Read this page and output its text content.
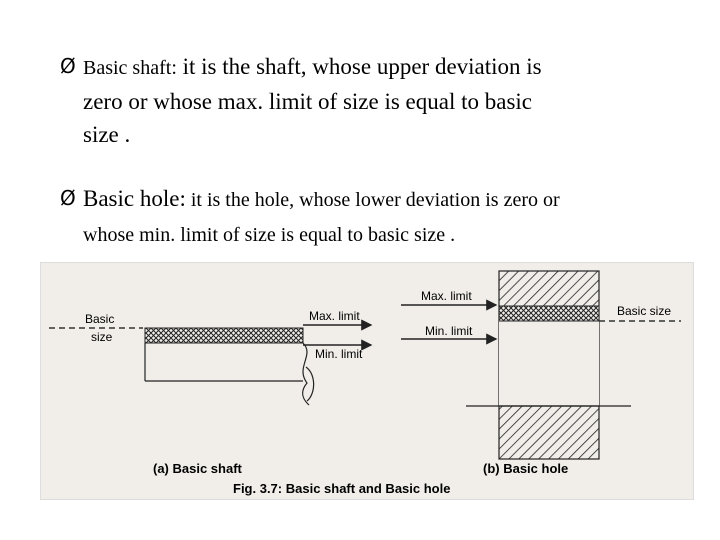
Ø Basic shaft: it is the shaft, whose upper deviation is
zero or whose max. limit of size is equal to basic
size .
Ø Basic hole: it is the hole, whose lower deviation is zero or
whose min. limit of size is equal to basic size .
Basic
size
Max. limit
Min. limit
(a) Basic shaft
Max. limit
Min. limit
Basic size
(b) Basic hole
Fig. 3.7: Basic shaft and Basic hole
